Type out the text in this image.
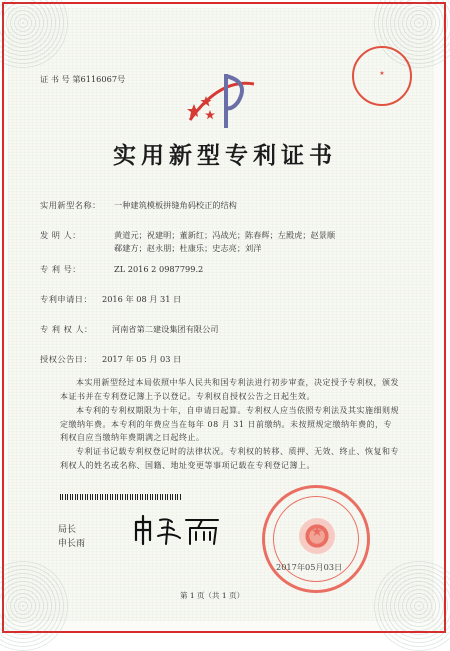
证 书 号 第6116067号
★
实用新型专利证书
实用新型名称： 一种建筑模板拼缝角码校正的结构
发 明 人：	黄道元；祝建明；董新红；冯战光；陈春辉；左殿虎；赵景顺
郗建方；赵永朋；杜康乐；史志亮；刘洋
专 利 号：	ZL 2016 2 0987799.2
专利申请日： 2016 年 08 月 31 日
专 利 权 人： 河南省第二建设集团有限公司
授权公告日： 2017 年 05 月 03 日
本实用新型经过本局依照中华人民共和国专利法进行初步审查，决定授予专利权，颁发本证书并在专利登记簿上予以登记。专利权自授权公告之日起生效。
本专利的专利权期限为十年，自申请日起算。专利权人应当依照专利法及其实施细则规定缴纳年费。本专利的年费应当在每年 08 月 31 日前缴纳。未按照规定缴纳年费的，专利权自应当缴纳年费期满之日起终止。
专利证书记载专利权登记时的法律状况。专利权的转移、质押、无效、终止、恢复和专利权人的姓名或名称、国籍、地址变更等事项记载在专利登记簿上。
局长
申长雨
★
2017年05月03日
第 1 页（共 1 页）
